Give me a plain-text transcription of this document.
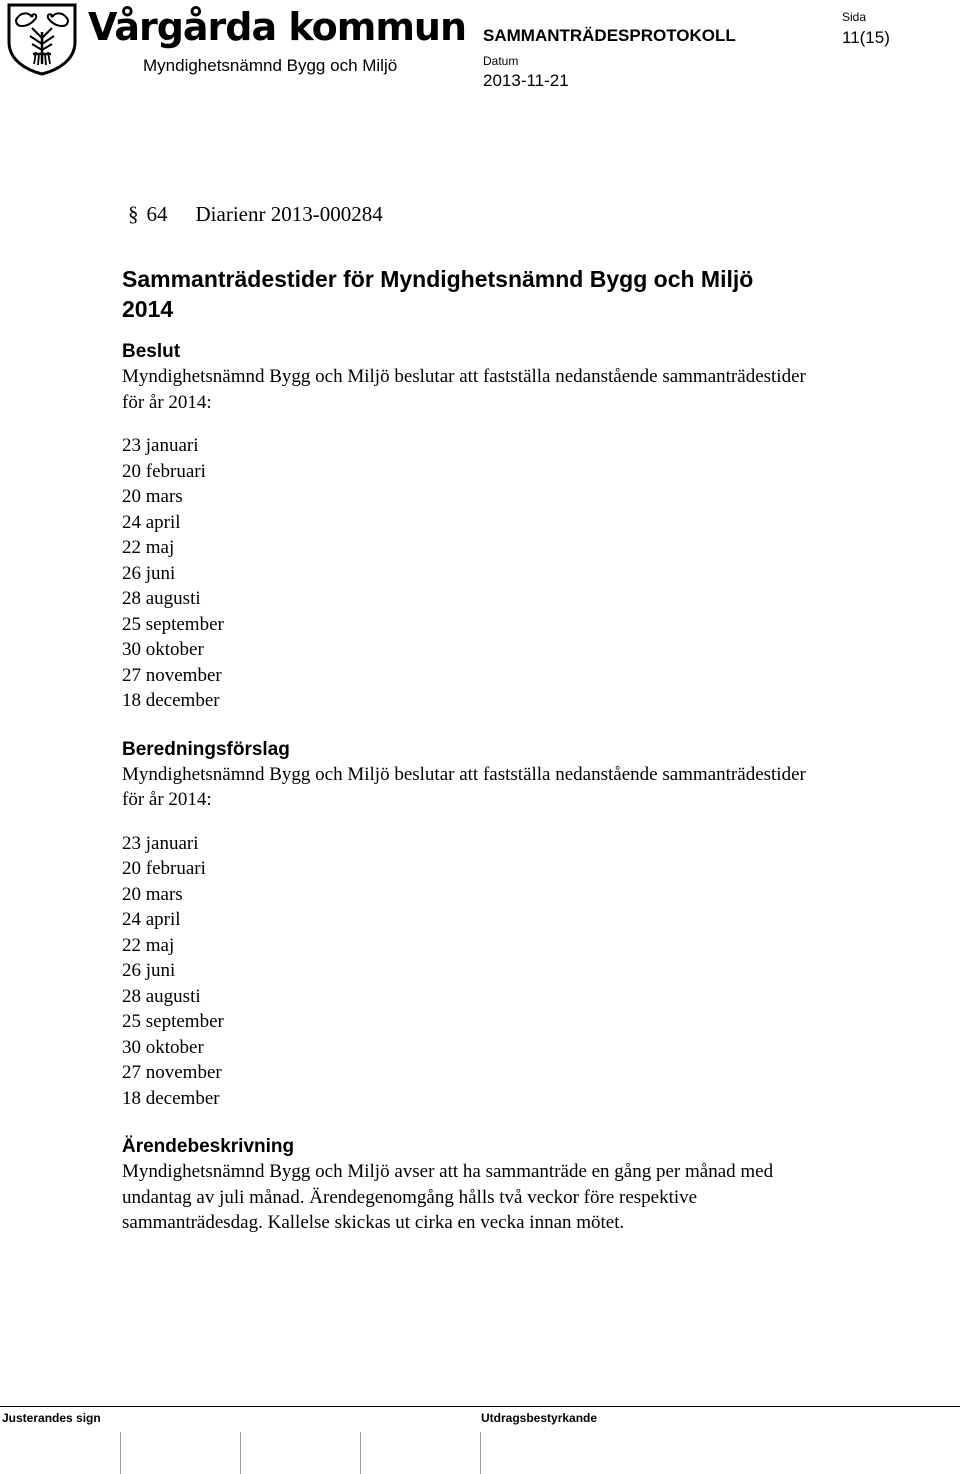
Vårgårda kommun
Myndighetsnämnd Bygg och Miljö
SAMMANTRÄDESPROTOKOLL
Datum
2013-11-21
Sida
11(15)
§ 64 Diarienr 2013-000284
Sammanträdestider för Myndighetsnämnd Bygg och Miljö 2014
Beslut

Myndighetsnämnd Bygg och Miljö beslutar att fastställa nedanstående sammanträdestider för år 2014:

23 januari
20 februari
20 mars
24 april
22 maj
26 juni
28 augusti
25 september
30 oktober
27 november
18 december
Beredningsförslag

Myndighetsnämnd Bygg och Miljö beslutar att fastställa nedanstående sammanträdestider för år 2014:

23 januari
20 februari
20 mars
24 april
22 maj
26 juni
28 augusti
25 september
30 oktober
27 november
18 december
Ärendebeskrivning

Myndighetsnämnd Bygg och Miljö avser att ha sammanträde en gång per månad med undantag av juli månad. Ärendegenomgång hålls två veckor före respektive sammanträdesdag. Kallelse skickas ut cirka en vecka innan mötet.

Justerandes sign	Utdragsbestyrkande
